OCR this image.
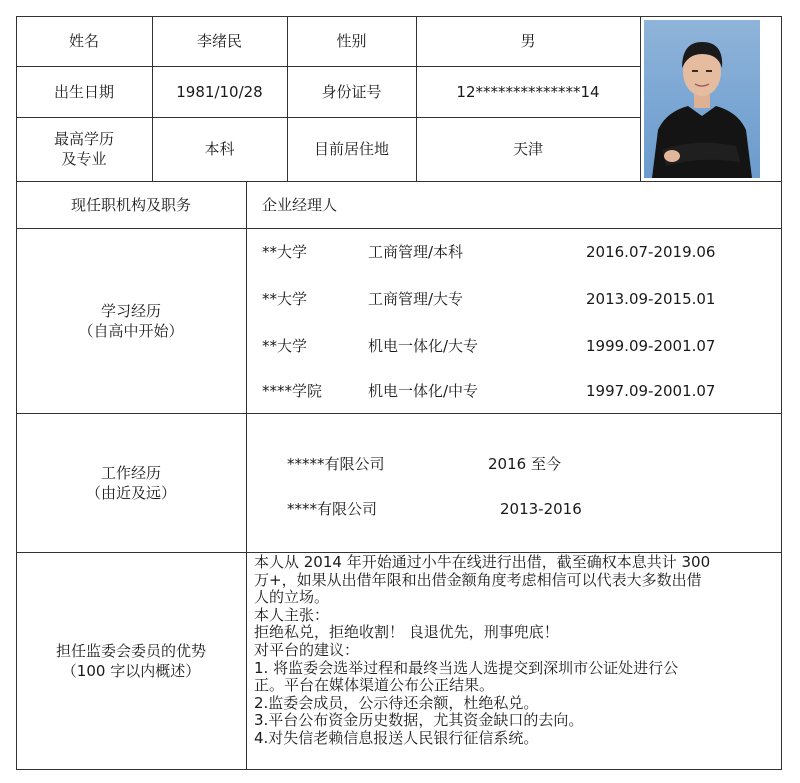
姓名	李绪民	性别	男
出生日期	1981/10/28	身份证号	12**************14
最高学历
及专业
本科	目前居住地	天津
现任职机构及职务	企业经理人
学习经历
（自高中开始）
**大学	工商管理/本科	2016.07-2019.06
**大学	工商管理/大专	2013.09-2015.01
**大学	机电一体化/大专	1999.09-2001.07
****学院	机电一体化/中专	1997.09-2001.07
工作经历
（由近及远）
*****有限公司	2016 至今
****有限公司	2013-2016
担任监委会委员的优势
（100 字以内概述）
本人从 2014 年开始通过小牛在线进行出借，截至确权本息共计 300
万+，如果从出借年限和出借金额角度考虑相信可以代表大多数出借
人的立场。
本人主张：
拒绝私兑，拒绝收割！ 良退优先，刑事兜底！
对平台的建议：
1. 将监委会选举过程和最终当选人选提交到深圳市公证处进行公
正。平台在媒体渠道公布公正结果。
2.监委会成员，公示待还余额，杜绝私兑。
3.平台公布资金历史数据，尤其资金缺口的去向。
4.对失信老赖信息报送人民银行征信系统。
